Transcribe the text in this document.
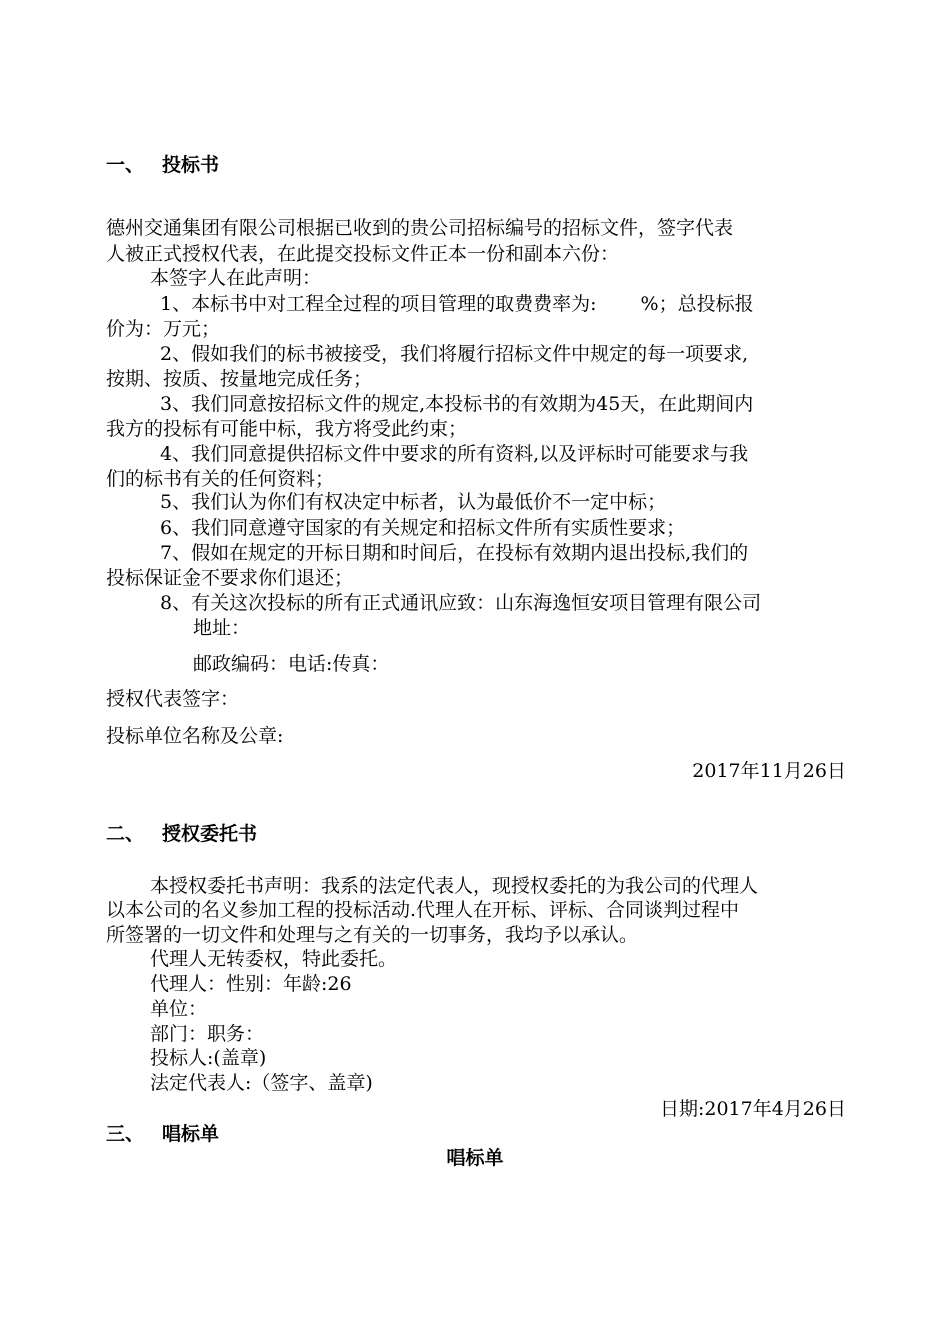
一、 投标书
德州交通集团有限公司根据已收到的贵公司招标编号的招标文件，签字代表
人被正式授权代表，在此提交投标文件正本一份和副本六份：
本签字人在此声明：
1、本标书中对工程全过程的项目管理的取费费率为:　　 %；总投标报
价为：万元；
2、假如我们的标书被接受，我们将履行招标文件中规定的每一项要求,
按期、按质、按量地完成任务；
3、我们同意按招标文件的规定,本投标书的有效期为45天，在此期间内
我方的投标有可能中标，我方将受此约束；
4、我们同意提供招标文件中要求的所有资料,以及评标时可能要求与我
们的标书有关的任何资料；
5、我们认为你们有权决定中标者，认为最低价不一定中标；
6、我们同意遵守国家的有关规定和招标文件所有实质性要求；
7、假如在规定的开标日期和时间后，在投标有效期内退出投标,我们的
投标保证金不要求你们退还；
8、有关这次投标的所有正式通讯应致：山东海逸恒安项目管理有限公司
地址：
邮政编码：电话:传真：
授权代表签字：
投标单位名称及公章:
2017年11月26日
二、 授权委托书
本授权委托书声明：我系的法定代表人，现授权委托的为我公司的代理人
以本公司的名义参加工程的投标活动.代理人在开标、评标、合同谈判过程中
所签署的一切文件和处理与之有关的一切事务，我均予以承认。
代理人无转委权，特此委托。
代理人：性别：年龄:26
单位：
部门：职务：
投标人:(盖章)
法定代表人:（签字、盖章)
日期:2017年4月26日
三、 唱标单
唱标单
